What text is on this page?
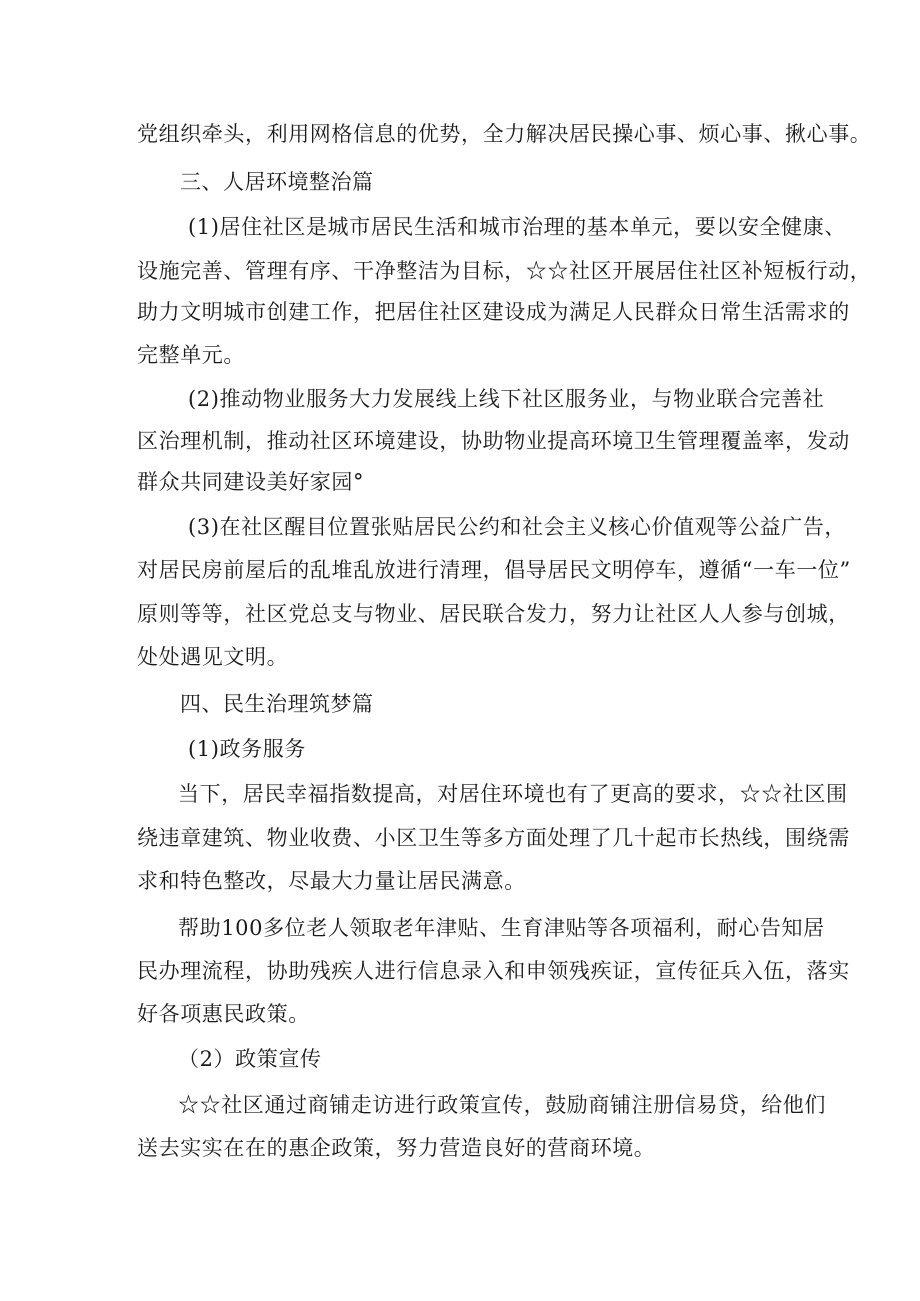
党组织牵头，利用网格信息的优势，全力解决居民操心事、烦心事、揪心事。
三、人居环境整治篇
(1)居住社区是城市居民生活和城市治理的基本单元，要以安全健康、
设施完善、管理有序、干净整洁为目标，☆☆社区开展居住社区补短板行动，
助力文明城市创建工作，把居住社区建设成为满足人民群众日常生活需求的
完整单元。
(2)推动物业服务大力发展线上线下社区服务业，与物业联合完善社
区治理机制，推动社区环境建设，协助物业提高环境卫生管理覆盖率，发动
群众共同建设美好家园°
(3)在社区醒目位置张贴居民公约和社会主义核心价值观等公益广告，
对居民房前屋后的乱堆乱放进行清理，倡导居民文明停车，遵循“一车一位”
原则等等，社区党总支与物业、居民联合发力，努力让社区人人参与创城，
处处遇见文明。
四、民生治理筑梦篇
(1)政务服务
当下，居民幸福指数提高，对居住环境也有了更高的要求，☆☆社区围
绕违章建筑、物业收费、小区卫生等多方面处理了几十起市长热线，围绕需
求和特色整改，尽最大力量让居民满意。
帮助100多位老人领取老年津贴、生育津贴等各项福利，耐心告知居
民办理流程，协助残疾人进行信息录入和申领残疾证，宣传征兵入伍，落实
好各项惠民政策。
（2）政策宣传
☆☆社区通过商铺走访进行政策宣传，鼓励商铺注册信易贷，给他们
送去实实在在的惠企政策，努力营造良好的营商环境。
